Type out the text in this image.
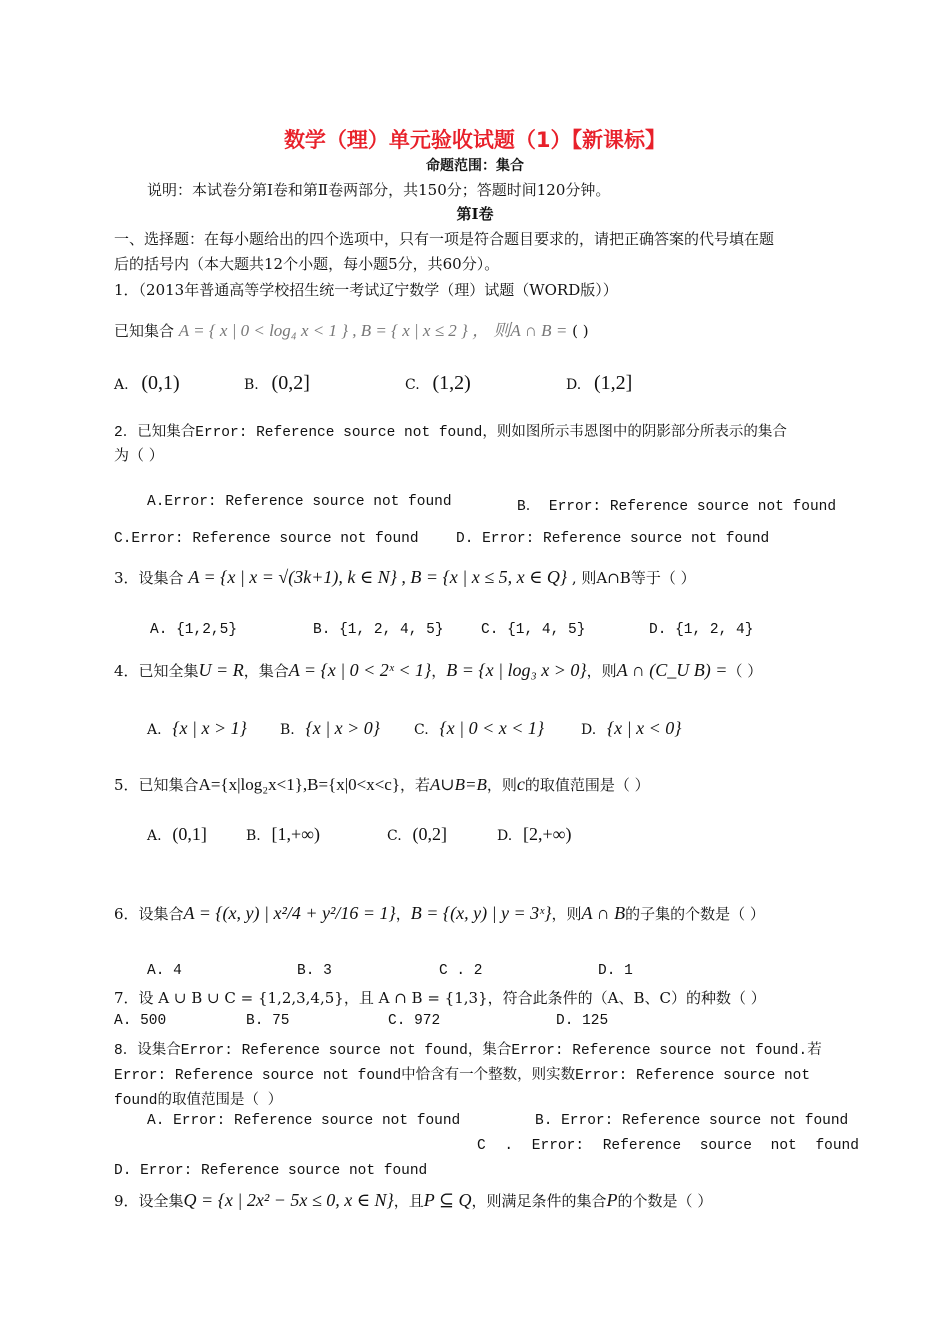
数学（理）单元验收试题（1）【新课标】
命题范围：集合
说明：本试卷分第Ⅰ卷和第Ⅱ卷两部分，共150分；答题时间120分钟。
第Ⅰ卷
一、选择题：在每小题给出的四个选项中，只有一项是符合题目要求的，请把正确答案的代号填在题
后的括号内（本大题共12个小题，每小题5分，共60分）。
1．（2013年普通高等学校招生统一考试辽宁数学（理）试题（WORD版））
已知集合 A = { x | 0 < log₄ x < 1 } , B = { x | x ≤ 2 } ， 则A ∩ B = ( )
A. (0,1)	B. (0,2]	C. (1,2)	D. (1,2]
2．已知集合Error: Reference source not found，则如图所示韦恩图中的阴影部分所表示的集合
为（ ）
A.Error: Reference source not found	B． Error: Reference source not found
C.Error: Reference source not found	D. Error: Reference source not found
3．设集合 A = {x | x = √(3k+1), k ∈ N} , B = {x | x ≤ 5, x ∈ Q} , 则A∩B等于（ ）
A. {1,2,5}	B. {1, 2, 4, 5}	C. {1, 4, 5}	D. {1, 2, 4}
4．已知全集U = R，集合A = {x | 0 < 2ˣ < 1}，B = {x | log₃ x > 0}，则A ∩ (C_U B) =（ ）
A. {x | x > 1} B. {x | x > 0} C. {x | 0 < x < 1}	D. {x | x < 0}
5．已知集合A={x|log₂x<1},B={x|0<x<c}，若A∪B=B，则c的取值范围是（ ）
A. (0,1]	B. [1,+∞)	C. (0,2]	D. [2,+∞)
6．设集合A = {(x, y) | x²/4 + y²/16 = 1}，B = {(x, y) | y = 3ˣ}，则A ∩ B的子集的个数是（ ）
A. 4	B. 3	C . 2	D. 1
7．设 A ∪ B ∪ C = {1,2,3,4,5}，且 A ∩ B = {1,3}，符合此条件的（A、B、C）的种数（ ）
A. 500	B. 75	C. 972	D. 125
8．设集合Error: Reference source not found，集合Error: Reference source not found.若
Error: Reference source not found中恰含有一个整数，则实数Error: Reference source not
found的取值范围是（ ）
A. Error: Reference source not found	B. Error: Reference source not found
C . Error: Reference source not found
D. Error: Reference source not found
9．设全集Q = {x | 2x² − 5x ≤ 0, x ∈ N}，且P ⊆ Q，则满足条件的集合P的个数是（ ）
